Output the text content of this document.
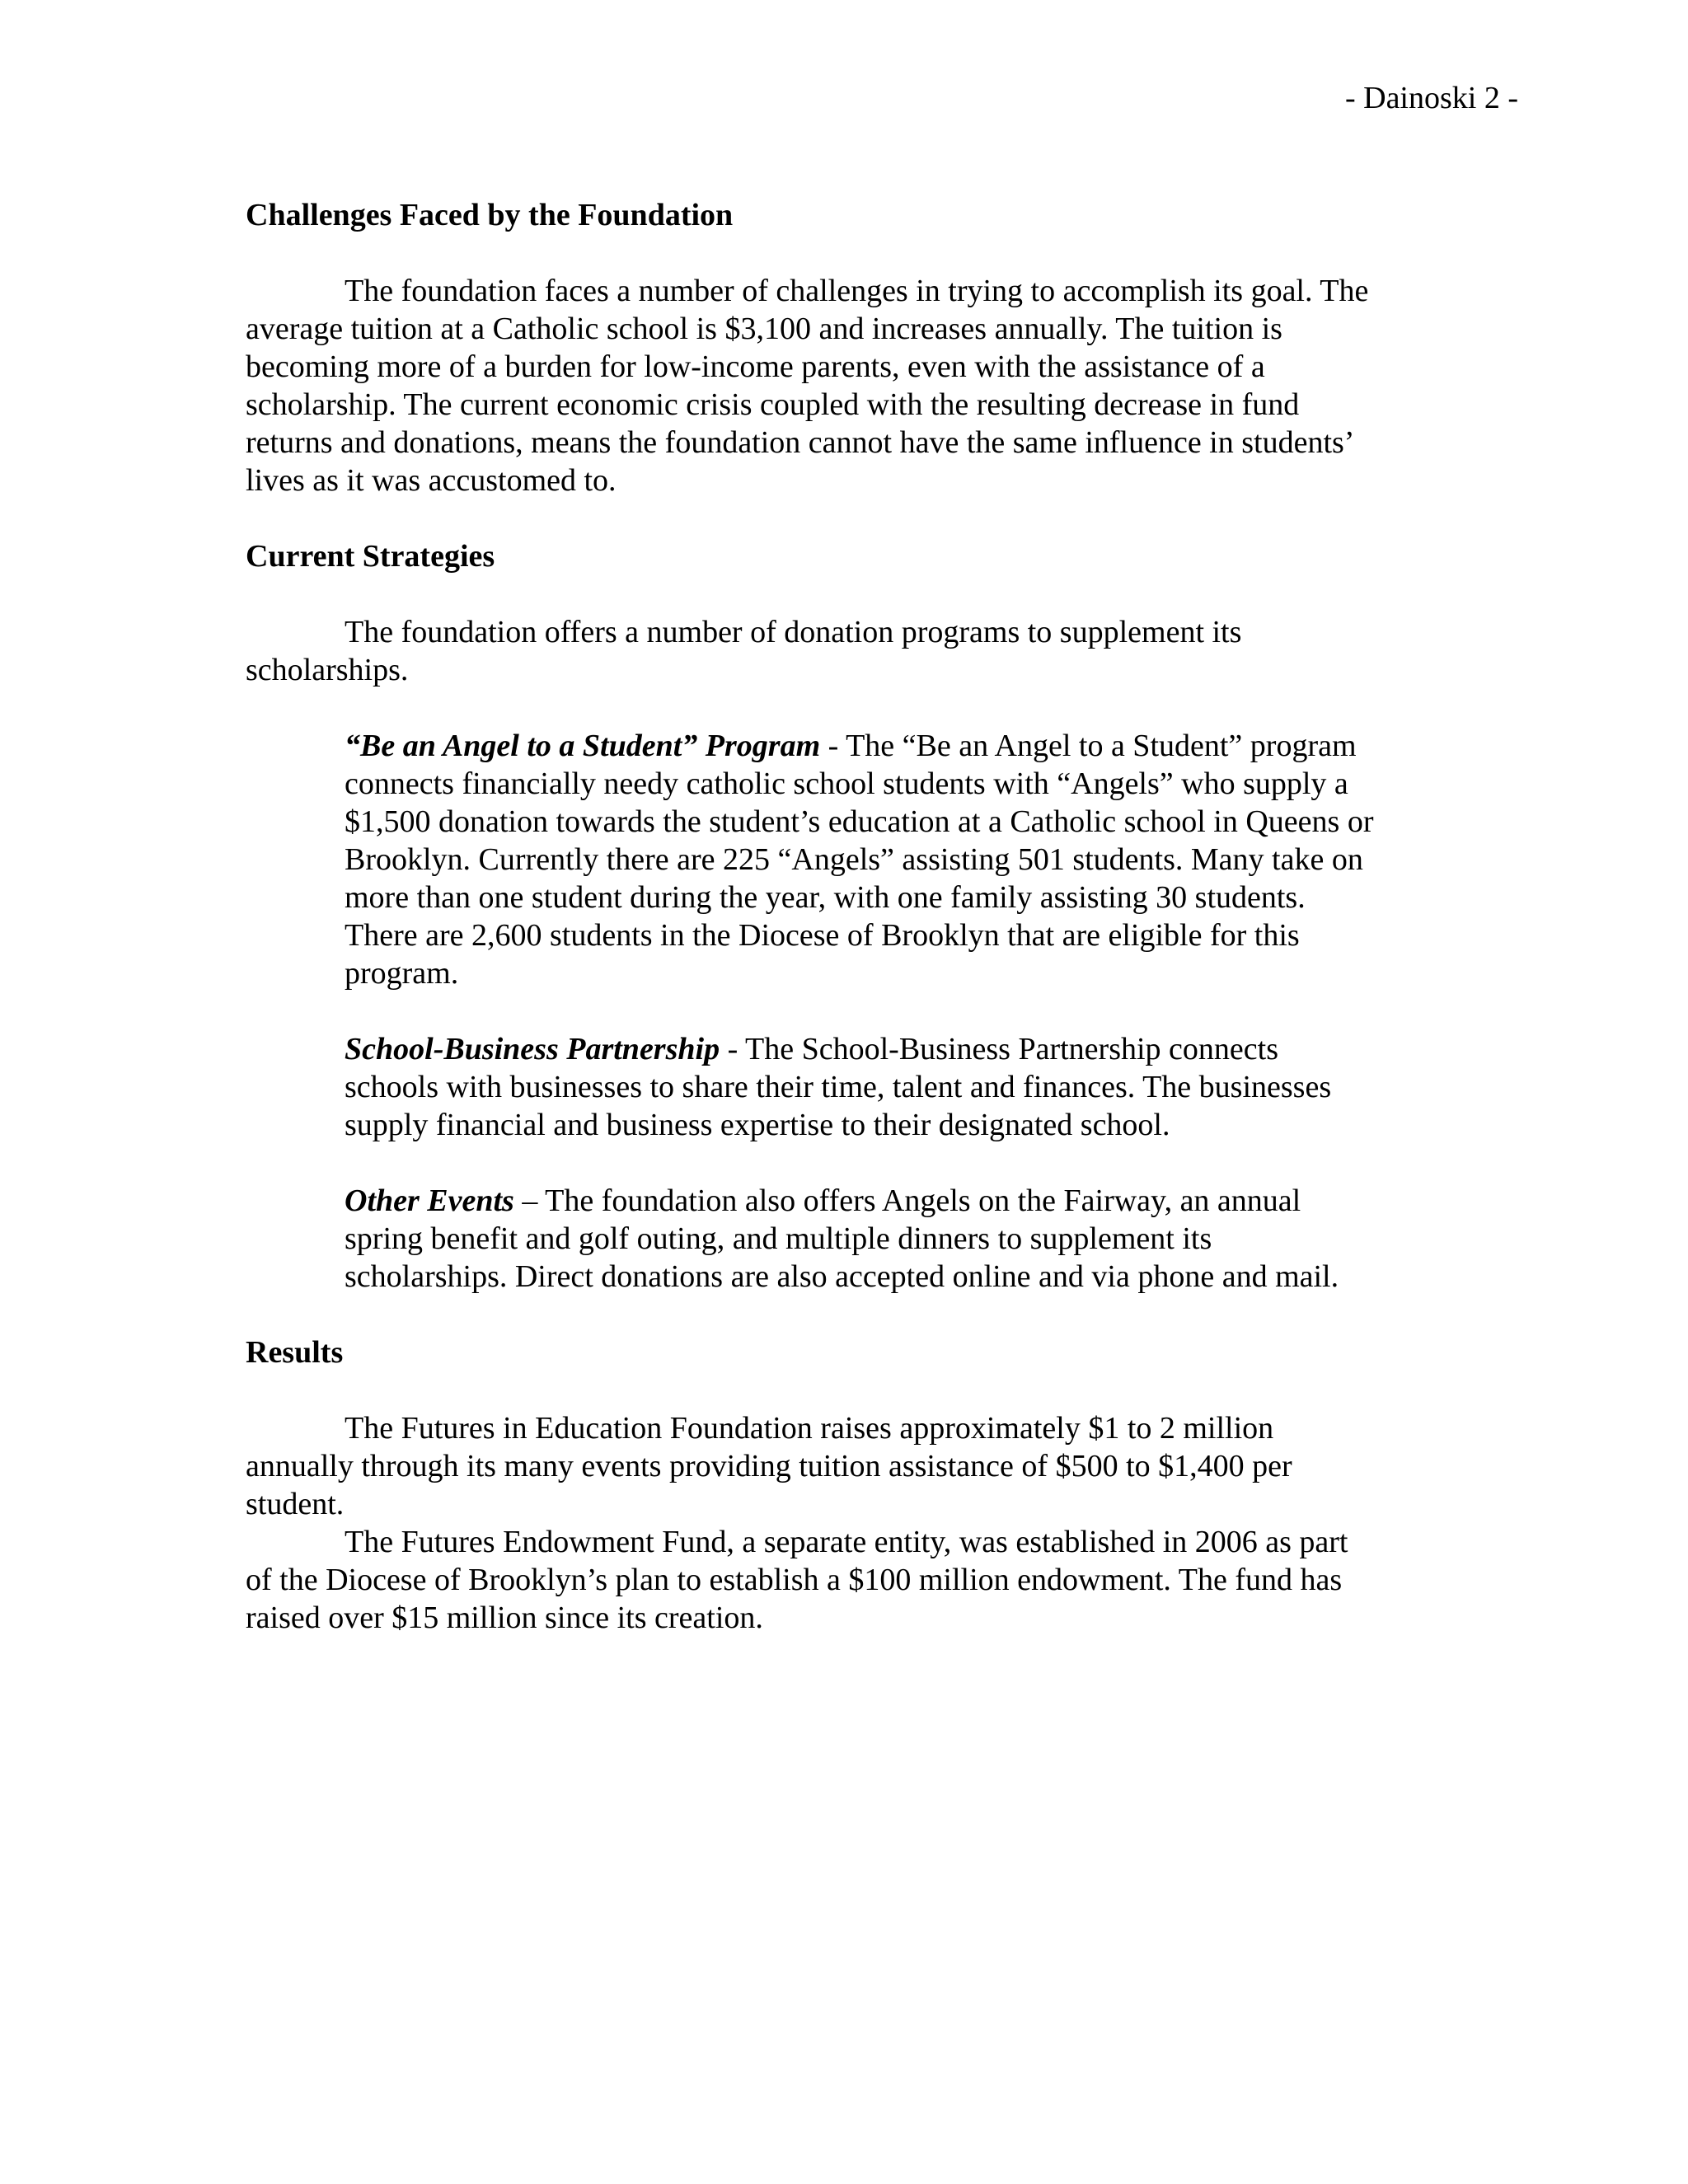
- Dainoski 2 -

Challenges Faced by the Foundation

The foundation faces a number of challenges in trying to accomplish its goal. The
average tuition at a Catholic school is $3,100 and increases annually. The tuition is
becoming more of a burden for low-income parents, even with the assistance of a
scholarship. The current economic crisis coupled with the resulting decrease in fund
returns and donations, means the foundation cannot have the same influence in students’
lives as it was accustomed to.

Current Strategies

The foundation offers a number of donation programs to supplement its
scholarships.
“Be an Angel to a Student” Program - The “Be an Angel to a Student” program
connects financially needy catholic school students with “Angels” who supply a
$1,500 donation towards the student’s education at a Catholic school in Queens or
Brooklyn. Currently there are 225 “Angels” assisting 501 students. Many take on
more than one student during the year, with one family assisting 30 students.
There are 2,600 students in the Diocese of Brooklyn that are eligible for this
program.
School-Business Partnership - The School-Business Partnership connects
schools with businesses to share their time, talent and finances. The businesses
supply financial and business expertise to their designated school.
Other Events – The foundation also offers Angels on the Fairway, an annual
spring benefit and golf outing, and multiple dinners to supplement its
scholarships. Direct donations are also accepted online and via phone and mail.

Results

The Futures in Education Foundation raises approximately $1 to 2 million
annually through its many events providing tuition assistance of $500 to $1,400 per
student.
The Futures Endowment Fund, a separate entity, was established in 2006 as part
of the Diocese of Brooklyn’s plan to establish a $100 million endowment. The fund has
raised over $15 million since its creation.
